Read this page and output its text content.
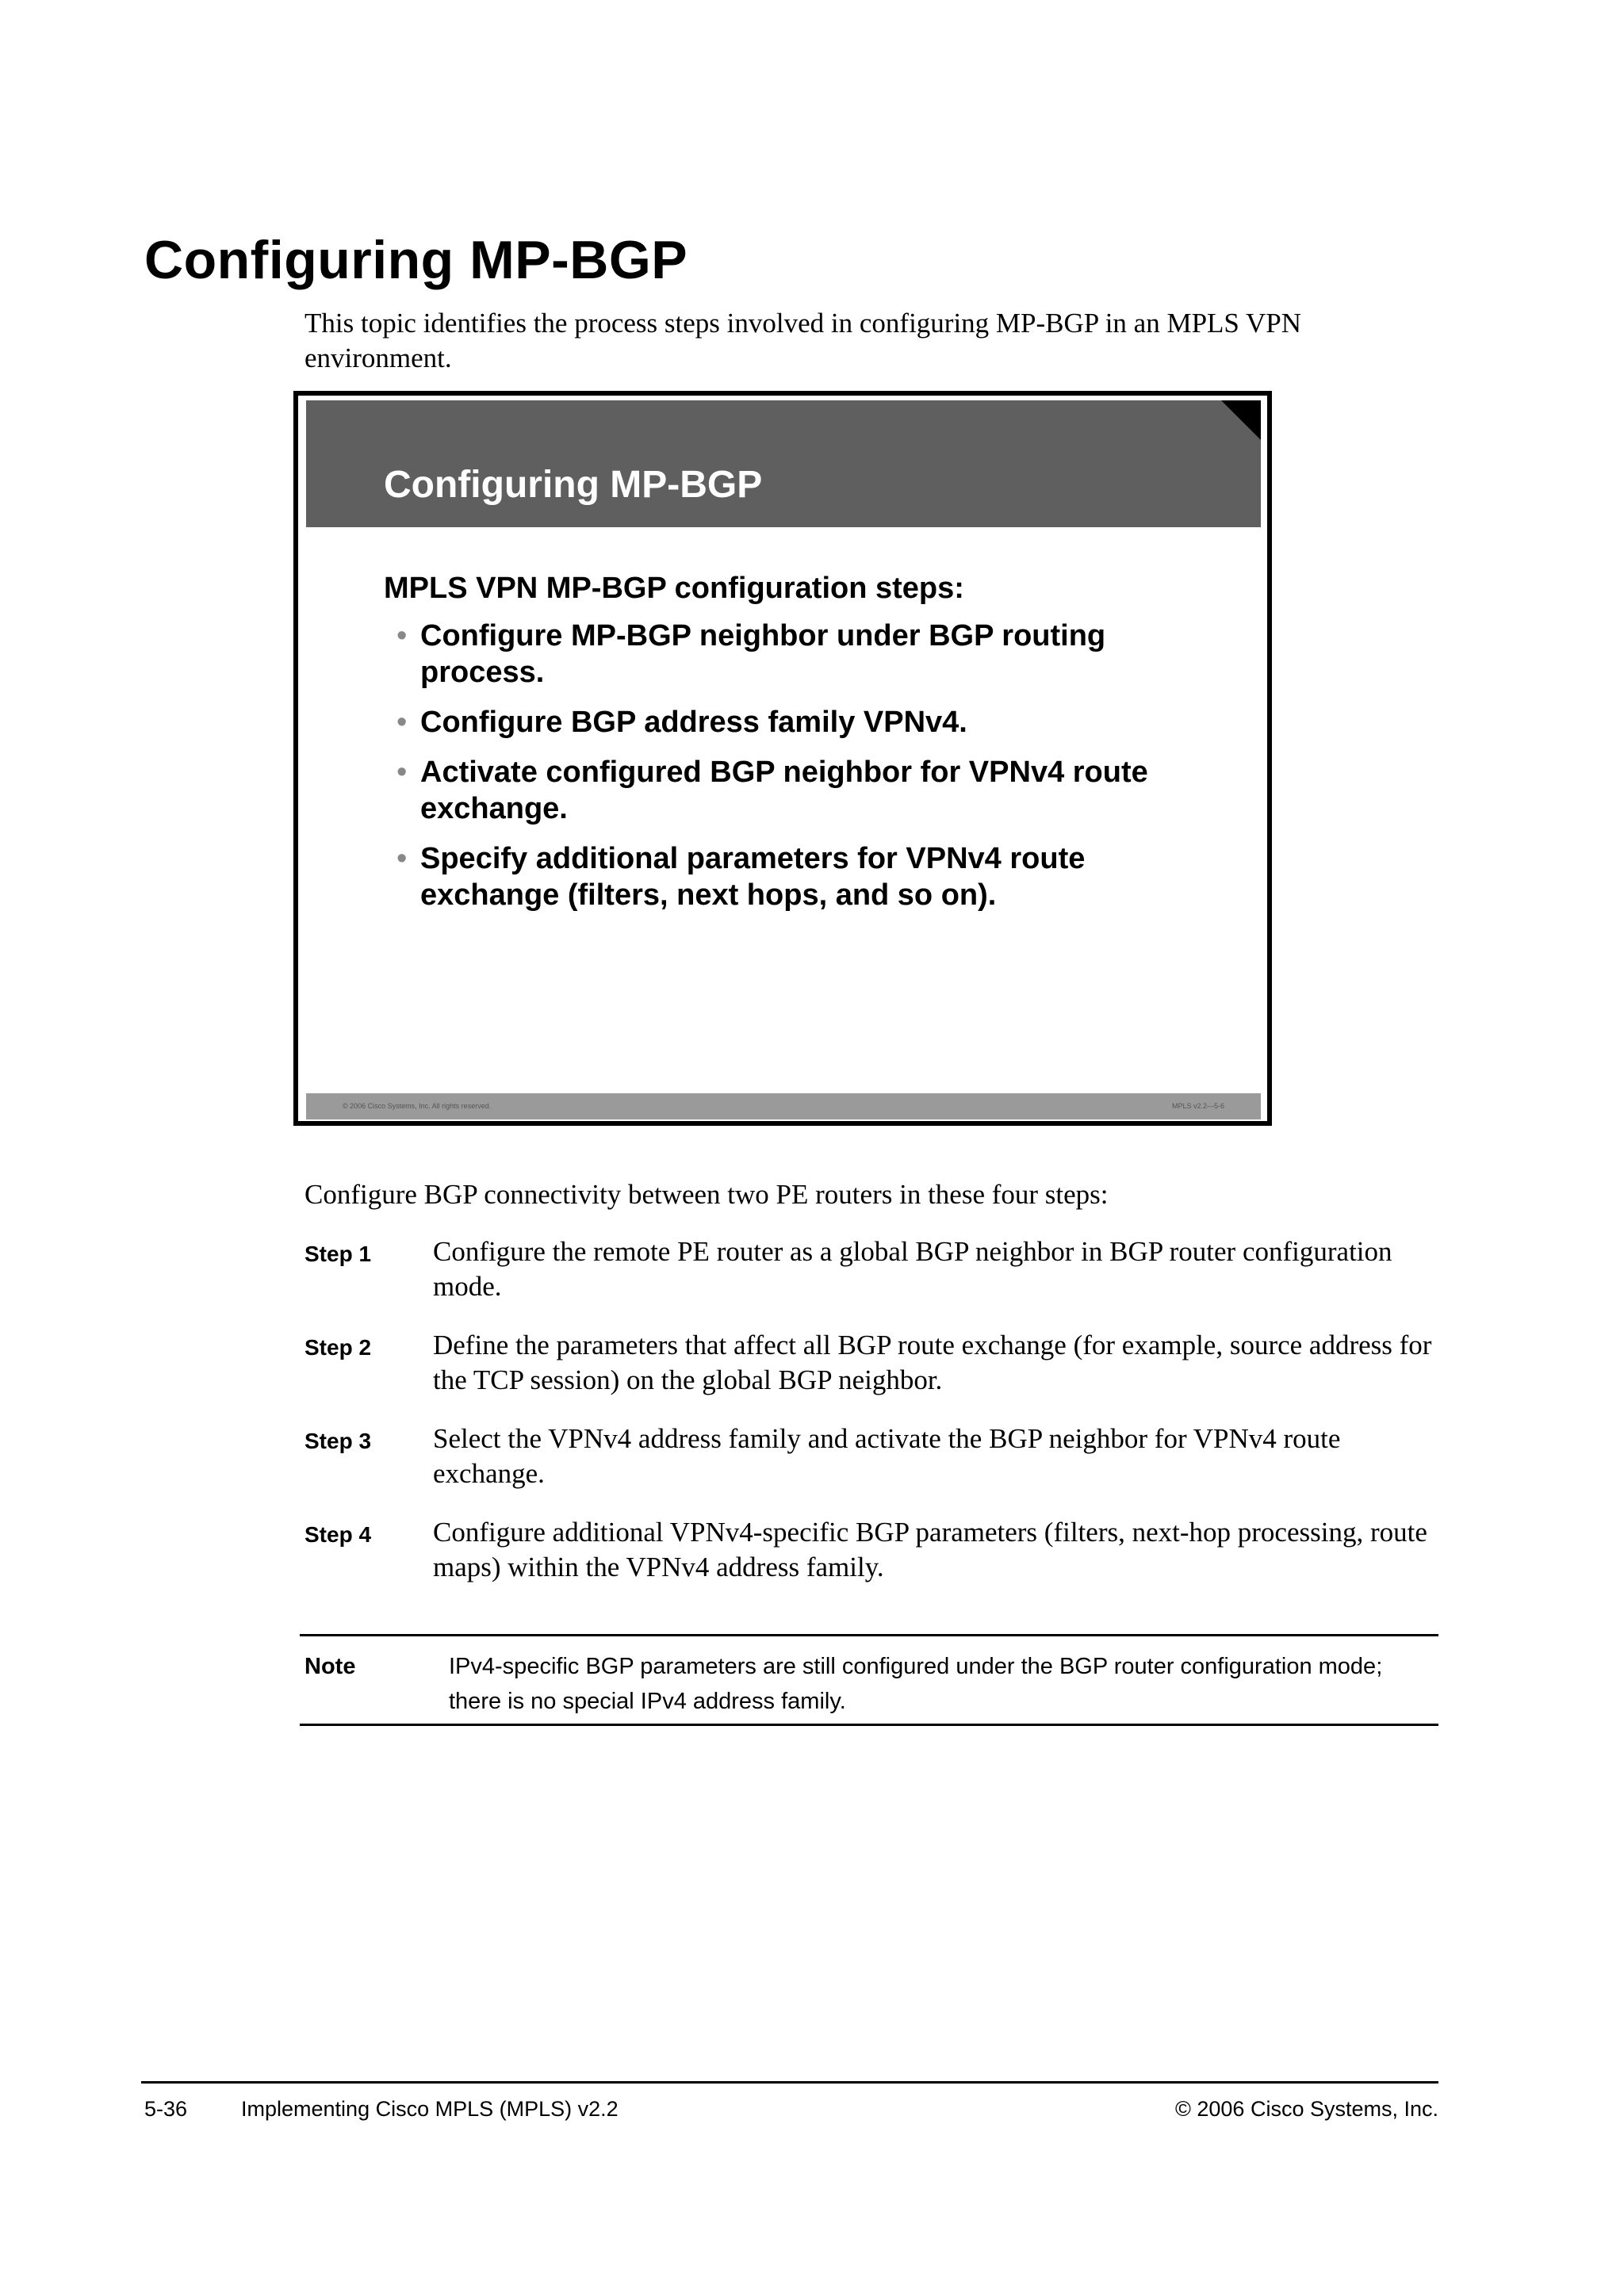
Configuring MP-BGP

This topic identifies the process steps involved in configuring MP-BGP in an MPLS VPN environment.

Configuring MP-BGP

MPLS VPN MP-BGP configuration steps:

• Configure MP-BGP neighbor under BGP routing process.
• Configure BGP address family VPNv4.
• Activate configured BGP neighbor for VPNv4 route exchange.
• Specify additional parameters for VPNv4 route exchange (filters, next hops, and so on).
© 2006 Cisco Systems, Inc. All rights reserved.	MPLS v2.2—5-6

Configure BGP connectivity between two PE routers in these four steps:

Step 1 Configure the remote PE router as a global BGP neighbor in BGP router configuration mode.
Step 2 Define the parameters that affect all BGP route exchange (for example, source address for the TCP session) on the global BGP neighbor.
Step 3 Select the VPNv4 address family and activate the BGP neighbor for VPNv4 route exchange.
Step 4 Configure additional VPNv4-specific BGP parameters (filters, next-hop processing, route maps) within the VPNv4 address family.
Note	IPv4-specific BGP parameters are still configured under the BGP router configuration mode; there is no special IPv4 address family.
5-36	Implementing Cisco MPLS (MPLS) v2.2	© 2006 Cisco Systems, Inc.
